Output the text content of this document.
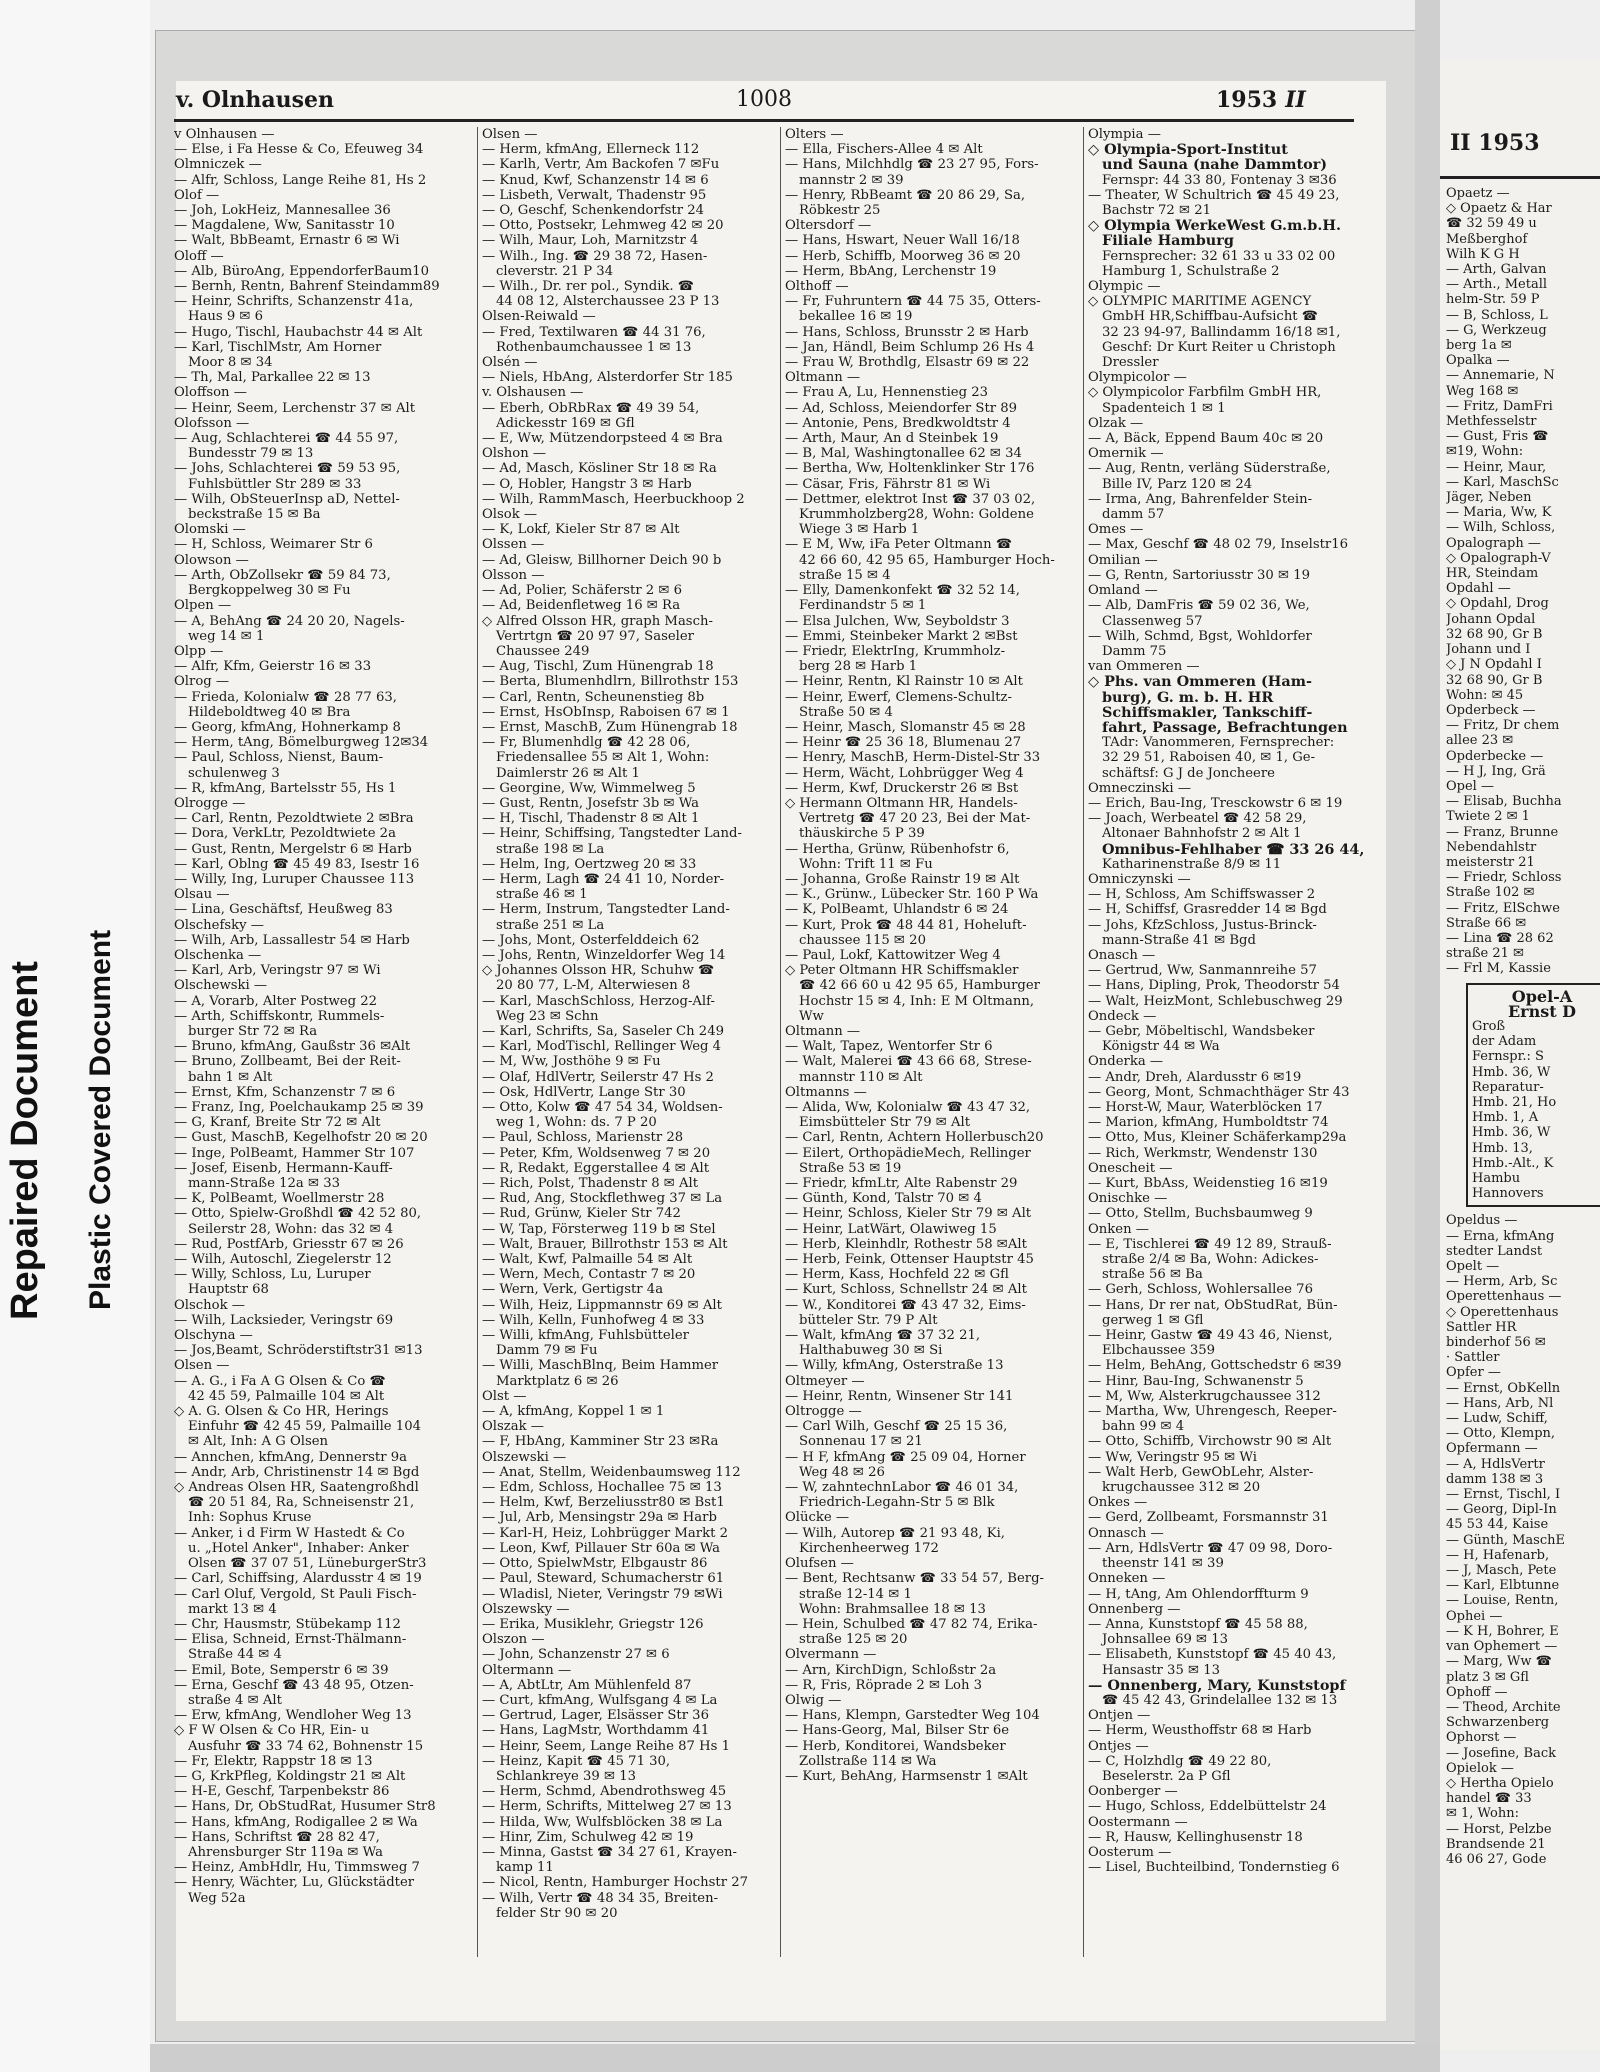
Repaired Document Plastic Covered Document
v. Olnhausen	1008	1953 II
v Olnhausen —
— Else, i Fa Hesse & Co, Efeuweg 34
Olmniczek —
— Alfr, Schloss, Lange Reihe 81, Hs 2
Olof —
— Joh, LokHeiz, Mannesallee 36
— Magdalene, Ww, Sanitasstr 10
— Walt, BbBeamt, Ernastr 6 ✉ Wi
Oloff —
— Alb, BüroAng, EppendorferBaum10
— Bernh, Rentn, Bahrenf Steindamm89
— Heinr, Schrifts, Schanzenstr 41a,
Haus 9 ✉ 6
— Hugo, Tischl, Haubachstr 44 ✉ Alt
— Karl, TischlMstr, Am Horner
Moor 8 ✉ 34
— Th, Mal, Parkallee 22 ✉ 13
Oloffson —
— Heinr, Seem, Lerchenstr 37 ✉ Alt
Olofsson —
— Aug, Schlachterei ☎ 44 55 97,
Bundesstr 79 ✉ 13
— Johs, Schlachterei ☎ 59 53 95,
Fuhlsbüttler Str 289 ✉ 33
— Wilh, ObSteuerInsp aD, Nettel-
beckstraße 15 ✉ Ba
Olomski —
— H, Schloss, Weimarer Str 6
Olowson —
— Arth, ObZollsekr ☎ 59 84 73,
Bergkoppelweg 30 ✉ Fu
Olpen —
— A, BehAng ☎ 24 20 20, Nagels-
weg 14 ✉ 1
Olpp —
— Alfr, Kfm, Geierstr 16 ✉ 33
Olrog —
— Frieda, Kolonialw ☎ 28 77 63,
Hildeboldtweg 40 ✉ Bra
— Georg, kfmAng, Hohnerkamp 8
— Herm, tAng, Bömelburgweg 12✉34
— Paul, Schloss, Nienst, Baum-
schulenweg 3
— R, kfmAng, Bartelsstr 55, Hs 1
Olrogge —
— Carl, Rentn, Pezoldtwiete 2 ✉Bra
— Dora, VerkLtr, Pezoldtwiete 2a
— Gust, Rentn, Mergelstr 6 ✉ Harb
— Karl, Oblng ☎ 45 49 83, Isestr 16
— Willy, Ing, Luruper Chaussee 113
Olsau —
— Lina, Geschäftsf, Heußweg 83
Olschefsky —
— Wilh, Arb, Lassallestr 54 ✉ Harb
Olschenka —
— Karl, Arb, Veringstr 97 ✉ Wi
Olschewski —
— A, Vorarb, Alter Postweg 22
— Arth, Schiffskontr, Rummels-
burger Str 72 ✉ Ra
— Bruno, kfmAng, Gaußstr 36 ✉Alt
— Bruno, Zollbeamt, Bei der Reit-
bahn 1 ✉ Alt
— Ernst, Kfm, Schanzenstr 7 ✉ 6
— Franz, Ing, Poelchaukamp 25 ✉ 39
— G, Kranf, Breite Str 72 ✉ Alt
— Gust, MaschB, Kegelhofstr 20 ✉ 20
— Inge, PolBeamt, Hammer Str 107
— Josef, Eisenb, Hermann-Kauff-
mann-Straße 12a ✉ 33
— K, PolBeamt, Woellmerstr 28
— Otto, Spielw-Großhdl ☎ 42 52 80,
Seilerstr 28, Wohn: das 32 ✉ 4
— Rud, PostfArb, Griesstr 67 ✉ 26
— Wilh, Autoschl, Ziegelerstr 12
— Willy, Schloss, Lu, Luruper
Hauptstr 68
Olschok —
— Wilh, Lacksieder, Veringstr 69
Olschyna —
— Jos,Beamt, Schröderstiftstr31 ✉13
Olsen —
— A. G., i Fa A G Olsen & Co ☎
42 45 59, Palmaille 104 ✉ Alt
◇ A. G. Olsen & Co HR, Herings
Einfuhr ☎ 42 45 59, Palmaille 104
✉ Alt, Inh: A G Olsen
— Annchen, kfmAng, Dennerstr 9a
— Andr, Arb, Christinenstr 14 ✉ Bgd
◇ Andreas Olsen HR, Saatengroßhdl
☎ 20 51 84, Ra, Schneisenstr 21,
Inh: Sophus Kruse
— Anker, i d Firm W Hastedt & Co
u. „Hotel Anker", Inhaber: Anker
Olsen ☎ 37 07 51, LüneburgerStr3
— Carl, Schiffsing, Alardusstr 4 ✉ 19
— Carl Oluf, Vergold, St Pauli Fisch-
markt 13 ✉ 4
— Chr, Hausmstr, Stübekamp 112
— Elisa, Schneid, Ernst-Thälmann-
Straße 44 ✉ 4
— Emil, Bote, Semperstr 6 ✉ 39
— Erna, Geschf ☎ 43 48 95, Otzen-
straße 4 ✉ Alt
— Erw, kfmAng, Wendloher Weg 13
◇ F W Olsen & Co HR, Ein- u
Ausfuhr ☎ 33 74 62, Bohnenstr 15
— Fr, Elektr, Rappstr 18 ✉ 13
— G, KrkPfleg, Koldingstr 21 ✉ Alt
— H-E, Geschf, Tarpenbekstr 86
— Hans, Dr, ObStudRat, Husumer Str8
— Hans, kfmAng, Rodigallee 2 ✉ Wa
— Hans, Schriftst ☎ 28 82 47,
Ahrensburger Str 119a ✉ Wa
— Heinz, AmbHdlr, Hu, Timmsweg 7
— Henry, Wächter, Lu, Glückstädter
Weg 52a
Olsen —
— Herm, kfmAng, Ellerneck 112
— Karlh, Vertr, Am Backofen 7 ✉Fu
— Knud, Kwf, Schanzenstr 14 ✉ 6
— Lisbeth, Verwalt, Thadenstr 95
— O, Geschf, Schenkendorfstr 24
— Otto, Postsekr, Lehmweg 42 ✉ 20
— Wilh, Maur, Loh, Marnitzstr 4
— Wilh., Ing. ☎ 29 38 72, Hasen-
cleverstr. 21 P 34
— Wilh., Dr. rer pol., Syndik. ☎
44 08 12, Alsterchaussee 23 P 13
Olsen-Reiwald —
— Fred, Textilwaren ☎ 44 31 76,
Rothenbaumchaussee 1 ✉ 13
Olsén —
— Niels, HbAng, Alsterdorfer Str 185
v. Olshausen —
— Eberh, ObRbRax ☎ 49 39 54,
Adickesstr 169 ✉ Gfl
— E, Ww, Mützendorpsteed 4 ✉ Bra
Olshon —
— Ad, Masch, Kösliner Str 18 ✉ Ra
— O, Hobler, Hangstr 3 ✉ Harb
— Wilh, RammMasch, Heerbuckhoop 2
Olsok —
— K, Lokf, Kieler Str 87 ✉ Alt
Olssen —
— Ad, Gleisw, Billhorner Deich 90 b
Olsson —
— Ad, Polier, Schäferstr 2 ✉ 6
— Ad, Beidenfletweg 16 ✉ Ra
◇ Alfred Olsson HR, graph Masch-
Vertrtgn ☎ 20 97 97, Saseler
Chaussee 249
— Aug, Tischl, Zum Hünengrab 18
— Berta, Blumenhdlrn, Billrothstr 153
— Carl, Rentn, Scheunenstieg 8b
— Ernst, HsObInsp, Raboisen 67 ✉ 1
— Ernst, MaschB, Zum Hünengrab 18
— Fr, Blumenhdlg ☎ 42 28 06,
Friedensallee 55 ✉ Alt 1, Wohn:
Daimlerstr 26 ✉ Alt 1
— Georgine, Ww, Wimmelweg 5
— Gust, Rentn, Josefstr 3b ✉ Wa
— H, Tischl, Thadenstr 8 ✉ Alt 1
— Heinr, Schiffsing, Tangstedter Land-
straße 198 ✉ La
— Helm, Ing, Oertzweg 20 ✉ 33
— Herm, Lagh ☎ 24 41 10, Norder-
straße 46 ✉ 1
— Herm, Instrum, Tangstedter Land-
straße 251 ✉ La
— Johs, Mont, Osterfelddeich 62
— Johs, Rentn, Winzeldorfer Weg 14
◇ Johannes Olsson HR, Schuhw ☎
20 80 77, L-M, Alterwiesen 8
— Karl, MaschSchloss, Herzog-Alf-
Weg 23 ✉ Schn
— Karl, Schrifts, Sa, Saseler Ch 249
— Karl, ModTischl, Rellinger Weg 4
— M, Ww, Josthöhe 9 ✉ Fu
— Olaf, HdlVertr, Seilerstr 47 Hs 2
— Osk, HdlVertr, Lange Str 30
— Otto, Kolw ☎ 47 54 34, Woldsen-
weg 1, Wohn: ds. 7 P 20
— Paul, Schloss, Marienstr 28
— Peter, Kfm, Woldsenweg 7 ✉ 20
— R, Redakt, Eggerstallee 4 ✉ Alt
— Rich, Polst, Thadenstr 8 ✉ Alt
— Rud, Ang, Stockflethweg 37 ✉ La
— Rud, Grünw, Kieler Str 742
— W, Tap, Försterweg 119 b ✉ Stel
— Walt, Brauer, Billrothstr 153 ✉ Alt
— Walt, Kwf, Palmaille 54 ✉ Alt
— Wern, Mech, Contastr 7 ✉ 20
— Wern, Verk, Gertigstr 4a
— Wilh, Heiz, Lippmannstr 69 ✉ Alt
— Wilh, Kelln, Funhofweg 4 ✉ 33
— Willi, kfmAng, Fuhlsbütteler
Damm 79 ✉ Fu
— Willi, MaschBlnq, Beim Hammer
Marktplatz 6 ✉ 26
Olst —
— A, kfmAng, Koppel 1 ✉ 1
Olszak —
— F, HbAng, Kamminer Str 23 ✉Ra
Olszewski —
— Anat, Stellm, Weidenbaumsweg 112
— Edm, Schloss, Hochallee 75 ✉ 13
— Helm, Kwf, Berzeliusstr80 ✉ Bst1
— Jul, Arb, Mensingstr 29a ✉ Harb
— Karl-H, Heiz, Lohbrügger Markt 2
— Leon, Kwf, Pillauer Str 60a ✉ Wa
— Otto, SpielwMstr, Elbgaustr 86
— Paul, Steward, Schumacherstr 61
— Wladisl, Nieter, Veringstr 79 ✉Wi
Olszewsky —
— Erika, Musiklehr, Griegstr 126
Olszon —
— John, Schanzenstr 27 ✉ 6
Oltermann —
— A, AbtLtr, Am Mühlenfeld 87
— Curt, kfmAng, Wulfsgang 4 ✉ La
— Gertrud, Lager, Elsässer Str 36
— Hans, LagMstr, Worthdamm 41
— Heinr, Seem, Lange Reihe 87 Hs 1
— Heinz, Kapit ☎ 45 71 30,
Schlankreye 39 ✉ 13
— Herm, Schmd, Abendrothsweg 45
— Herm, Schrifts, Mittelweg 27 ✉ 13
— Hilda, Ww, Wulfsblöcken 38 ✉ La
— Hinr, Zim, Schulweg 42 ✉ 19
— Minna, Gastst ☎ 34 27 61, Krayen-
kamp 11
— Nicol, Rentn, Hamburger Hochstr 27
— Wilh, Vertr ☎ 48 34 35, Breiten-
felder Str 90 ✉ 20
Olters —
— Ella, Fischers-Allee 4 ✉ Alt
— Hans, Milchhdlg ☎ 23 27 95, Fors-
mannstr 2 ✉ 39
— Henry, RbBeamt ☎ 20 86 29, Sa,
Röbkestr 25
Oltersdorf —
— Hans, Hswart, Neuer Wall 16/18
— Herb, Schiffb, Moorweg 36 ✉ 20
— Herm, BbAng, Lerchenstr 19
Olthoff —
— Fr, Fuhruntern ☎ 44 75 35, Otters-
bekallee 16 ✉ 19
— Hans, Schloss, Brunsstr 2 ✉ Harb
— Jan, Händl, Beim Schlump 26 Hs 4
— Frau W, Brothdlg, Elsastr 69 ✉ 22
Oltmann —
— Frau A, Lu, Hennenstieg 23
— Ad, Schloss, Meiendorfer Str 89
— Antonie, Pens, Bredkwoldtstr 4
— Arth, Maur, An d Steinbek 19
— B, Mal, Washingtonallee 62 ✉ 34
— Bertha, Ww, Holtenklinker Str 176
— Cäsar, Fris, Fährstr 81 ✉ Wi
— Dettmer, elektrot Inst ☎ 37 03 02,
Krummholzberg28, Wohn: Goldene
Wiege 3 ✉ Harb 1
— E M, Ww, iFa Peter Oltmann ☎
42 66 60, 42 95 65, Hamburger Hoch-
straße 15 ✉ 4
— Elly, Damenkonfekt ☎ 32 52 14,
Ferdinandstr 5 ✉ 1
— Elsa Julchen, Ww, Seyboldstr 3
— Emmi, Steinbeker Markt 2 ✉Bst
— Friedr, ElektrIng, Krummholz-
berg 28 ✉ Harb 1
— Heinr, Rentn, Kl Rainstr 10 ✉ Alt
— Heinr, Ewerf, Clemens-Schultz-
Straße 50 ✉ 4
— Heinr, Masch, Slomanstr 45 ✉ 28
— Heinr ☎ 25 36 18, Blumenau 27
— Henry, MaschB, Herm-Distel-Str 33
— Herm, Wächt, Lohbrügger Weg 4
— Herm, Kwf, Druckerstr 26 ✉ Bst
◇ Hermann Oltmann HR, Handels-
Vertretg ☎ 47 20 23, Bei der Mat-
thäuskirche 5 P 39
— Hertha, Grünw, Rübenhofstr 6,
Wohn: Trift 11 ✉ Fu
— Johanna, Große Rainstr 19 ✉ Alt
— K., Grünw., Lübecker Str. 160 P Wa
— K, PolBeamt, Uhlandstr 6 ✉ 24
— Kurt, Prok ☎ 48 44 81, Hoheluft-
chaussee 115 ✉ 20
— Paul, Lokf, Kattowitzer Weg 4
◇ Peter Oltmann HR Schiffsmakler
☎ 42 66 60 u 42 95 65, Hamburger
Hochstr 15 ✉ 4, Inh: E M Oltmann,
Ww
Oltmann —
— Walt, Tapez, Wentorfer Str 6
— Walt, Malerei ☎ 43 66 68, Strese-
mannstr 110 ✉ Alt
Oltmanns —
— Alida, Ww, Kolonialw ☎ 43 47 32,
Eimsbütteler Str 79 ✉ Alt
— Carl, Rentn, Achtern Hollerbusch20
— Eilert, OrthopädieMech, Rellinger
Straße 53 ✉ 19
— Friedr, kfmLtr, Alte Rabenstr 29
— Günth, Kond, Talstr 70 ✉ 4
— Heinr, Schloss, Kieler Str 79 ✉ Alt
— Heinr, LatWärt, Olawiweg 15
— Herb, Kleinhdlr, Rothestr 58 ✉Alt
— Herb, Feink, Ottenser Hauptstr 45
— Herm, Kass, Hochfeld 22 ✉ Gfl
— Kurt, Schloss, Schnellstr 24 ✉ Alt
— W., Konditorei ☎ 43 47 32, Eims-
bütteler Str. 79 P Alt
— Walt, kfmAng ☎ 37 32 21,
Halthabuweg 30 ✉ Si
— Willy, kfmAng, Osterstraße 13
Oltmeyer —
— Heinr, Rentn, Winsener Str 141
Oltrogge —
— Carl Wilh, Geschf ☎ 25 15 36,
Sonnenau 17 ✉ 21
— H F, kfmAng ☎ 25 09 04, Horner
Weg 48 ✉ 26
— W, zahntechnLabor ☎ 46 01 34,
Friedrich-Legahn-Str 5 ✉ Blk
Olücke —
— Wilh, Autorep ☎ 21 93 48, Ki,
Kirchenheerweg 172
Olufsen —
— Bent, Rechtsanw ☎ 33 54 57, Berg-
straße 12-14 ✉ 1
Wohn: Brahmsallee 18 ✉ 13
— Hein, Schulbed ☎ 47 82 74, Erika-
straße 125 ✉ 20
Olvermann —
— Arn, KirchDign, Schloßstr 2a
— R, Fris, Röprade 2 ✉ Loh 3
Olwig —
— Hans, Klempn, Garstedter Weg 104
— Hans-Georg, Mal, Bilser Str 6e
— Herb, Konditorei, Wandsbeker
Zollstraße 114 ✉ Wa
— Kurt, BehAng, Harmsenstr 1 ✉Alt
Olympia —
◇ Olympia-Sport-Institut
und Sauna (nahe Dammtor)
Fernspr: 44 33 80, Fontenay 3 ✉36
— Theater, W Schultrich ☎ 45 49 23,
Bachstr 72 ✉ 21
◇ Olympia WerkeWest G.m.b.H.
Filiale Hamburg
Fernsprecher: 32 61 33 u 33 02 00
Hamburg 1, Schulstraße 2
Olympic —
◇ OLYMPIC MARITIME AGENCY
GmbH HR,Schiffbau-Aufsicht ☎
32 23 94-97, Ballindamm 16/18 ✉1,
Geschf: Dr Kurt Reiter u Christoph
Dressler
Olympicolor —
◇ Olympicolor Farbfilm GmbH HR,
Spadenteich 1 ✉ 1
Olzak —
— A, Bäck, Eppend Baum 40c ✉ 20
Omernik —
— Aug, Rentn, verläng Süderstraße,
Bille IV, Parz 120 ✉ 24
— Irma, Ang, Bahrenfelder Stein-
damm 57
Omes —
— Max, Geschf ☎ 48 02 79, Inselstr16
Omilian —
— G, Rentn, Sartoriusstr 30 ✉ 19
Omland —
— Alb, DamFris ☎ 59 02 36, We,
Classenweg 57
— Wilh, Schmd, Bgst, Wohldorfer
Damm 75
van Ommeren —
◇ Phs. van Ommeren (Ham-
burg), G. m. b. H. HR
Schiffsmakler, Tankschiff-
fahrt, Passage, Befrachtungen
TAdr: Vanommeren, Fernsprecher:
32 29 51, Raboisen 40, ✉ 1, Ge-
schäftsf: G J de Joncheere
Omneczinski —
— Erich, Bau-Ing, Tresckowstr 6 ✉ 19
— Joach, Werbeatel ☎ 42 58 29,
Altonaer Bahnhofstr 2 ✉ Alt 1
Omnibus-Fehlhaber ☎ 33 26 44,
Katharinenstraße 8/9 ✉ 11
Omniczynski —
— H, Schloss, Am Schiffswasser 2
— H, Schiffsf, Grasredder 14 ✉ Bgd
— Johs, KfzSchloss, Justus-Brinck-
mann-Straße 41 ✉ Bgd
Onasch —
— Gertrud, Ww, Sanmannreihe 57
— Hans, Dipling, Prok, Theodorstr 54
— Walt, HeizMont, Schlebuschweg 29
Ondeck —
— Gebr, Möbeltischl, Wandsbeker
Königstr 44 ✉ Wa
Onderka —
— Andr, Dreh, Alardusstr 6 ✉19
— Georg, Mont, Schmachthäger Str 43
— Horst-W, Maur, Waterblöcken 17
— Marion, kfmAng, Humboldtstr 74
— Otto, Mus, Kleiner Schäferkamp29a
— Rich, Werkmstr, Wendenstr 130
Onescheit —
— Kurt, BbAss, Weidenstieg 16 ✉19
Onischke —
— Otto, Stellm, Buchsbaumweg 9
Onken —
— E, Tischlerei ☎ 49 12 89, Strauß-
straße 2/4 ✉ Ba, Wohn: Adickes-
straße 56 ✉ Ba
— Gerh, Schloss, Wohlersallee 76
— Hans, Dr rer nat, ObStudRat, Bün-
gerweg 1 ✉ Gfl
— Heinr, Gastw ☎ 49 43 46, Nienst,
Elbchaussee 359
— Helm, BehAng, Gottschedstr 6 ✉39
— Hinr, Bau-Ing, Schwanenstr 5
— M, Ww, Alsterkrugchaussee 312
— Martha, Ww, Uhrengesch, Reeper-
bahn 99 ✉ 4
— Otto, Schiffb, Virchowstr 90 ✉ Alt
— Ww, Veringstr 95 ✉ Wi
— Walt Herb, GewObLehr, Alster-
krugchaussee 312 ✉ 20
Onkes —
— Gerd, Zollbeamt, Forsmannstr 31
Onnasch —
— Arn, HdlsVertr ☎ 47 09 98, Doro-
theenstr 141 ✉ 39
Onneken —
— H, tAng, Am Ohlendorffturm 9
Onnenberg —
— Anna, Kunststopf ☎ 45 58 88,
Johnsallee 69 ✉ 13
— Elisabeth, Kunststopf ☎ 45 40 43,
Hansastr 35 ✉ 13
— Onnenberg, Mary, Kunststopf
☎ 45 42 43, Grindelallee 132 ✉ 13
Ontjen —
— Herm, Weusthoffstr 68 ✉ Harb
Ontjes —
— C, Holzhdlg ☎ 49 22 80,
Beselerstr. 2a P Gfl
Oonberger —
— Hugo, Schloss, Eddelbüttelstr 24
Oostermann —
— R, Hausw, Kellinghusenstr 18
Oosterum —
— Lisel, Buchteilbind, Tondernstieg 6
II 1953
Opaetz —
◇ Opaetz & Har
☎ 32 59 49 u
Meßberghof
Wilh K G H
— Arth, Galvan
— Arth., Metall
helm-Str. 59 P
— B, Schloss, L
— G, Werkzeug
berg 1a ✉
Opalka —
— Annemarie, N
Weg 168 ✉
— Fritz, DamFri
Methfesselstr
— Gust, Fris ☎
✉19, Wohn:
— Heinr, Maur,
— Karl, MaschSc
Jäger, Neben
— Maria, Ww, K
— Wilh, Schloss,
Opalograph —
◇ Opalograph-V
HR, Steindam
Opdahl —
◇ Opdahl, Drog
Johann Opdal
32 68 90, Gr B
Johann und I
◇ J N Opdahl I
32 68 90, Gr B
Wohn: ✉ 45
Opderbeck —
— Fritz, Dr chem
allee 23 ✉
Opderbecke —
— H J, Ing, Grä
Opel —
— Elisab, Buchha
Twiete 2 ✉ 1
— Franz, Brunne
Nebendahlstr
meisterstr 21
— Friedr, Schloss
Straße 102 ✉
— Fritz, ElSchwe
Straße 66 ✉
— Lina ☎ 28 62
straße 21 ✉
— Frl M, Kassie
Opel-A
Ernst D
Groß
der Adam
Fernspr.: S
Hmb. 36, W
Reparatur-
Hmb. 21, Ho
Hmb. 1, A
Hmb. 36, W
Hmb. 13,
Hmb.-Alt., K
Hambu
Hannovers
Opeldus —
— Erna, kfmAng
stedter Landst
Opelt —
— Herm, Arb, Sc
Operettenhaus —
◇ Operettenhaus
Sattler HR
binderhof 56 ✉
· Sattler
Opfer —
— Ernst, ObKelln
— Hans, Arb, Nl
— Ludw, Schiff,
— Otto, Klempn,
Opfermann —
— A, HdlsVertr
damm 138 ✉ 3
— Ernst, Tischl, I
— Georg, Dipl-In
45 53 44, Kaise
— Günth, MaschE
— H, Hafenarb,
— J, Masch, Pete
— Karl, Elbtunne
— Louise, Rentn,
Ophei —
— K H, Bohrer, E
van Ophemert —
— Marg, Ww ☎
platz 3 ✉ Gfl
Ophoff —
— Theod, Archite
Schwarzenberg
Ophorst —
— Josefine, Back
Opielok —
◇ Hertha Opielo
handel ☎ 33
✉ 1, Wohn:
— Horst, Pelzbe
Brandsende 21
46 06 27, Gode
